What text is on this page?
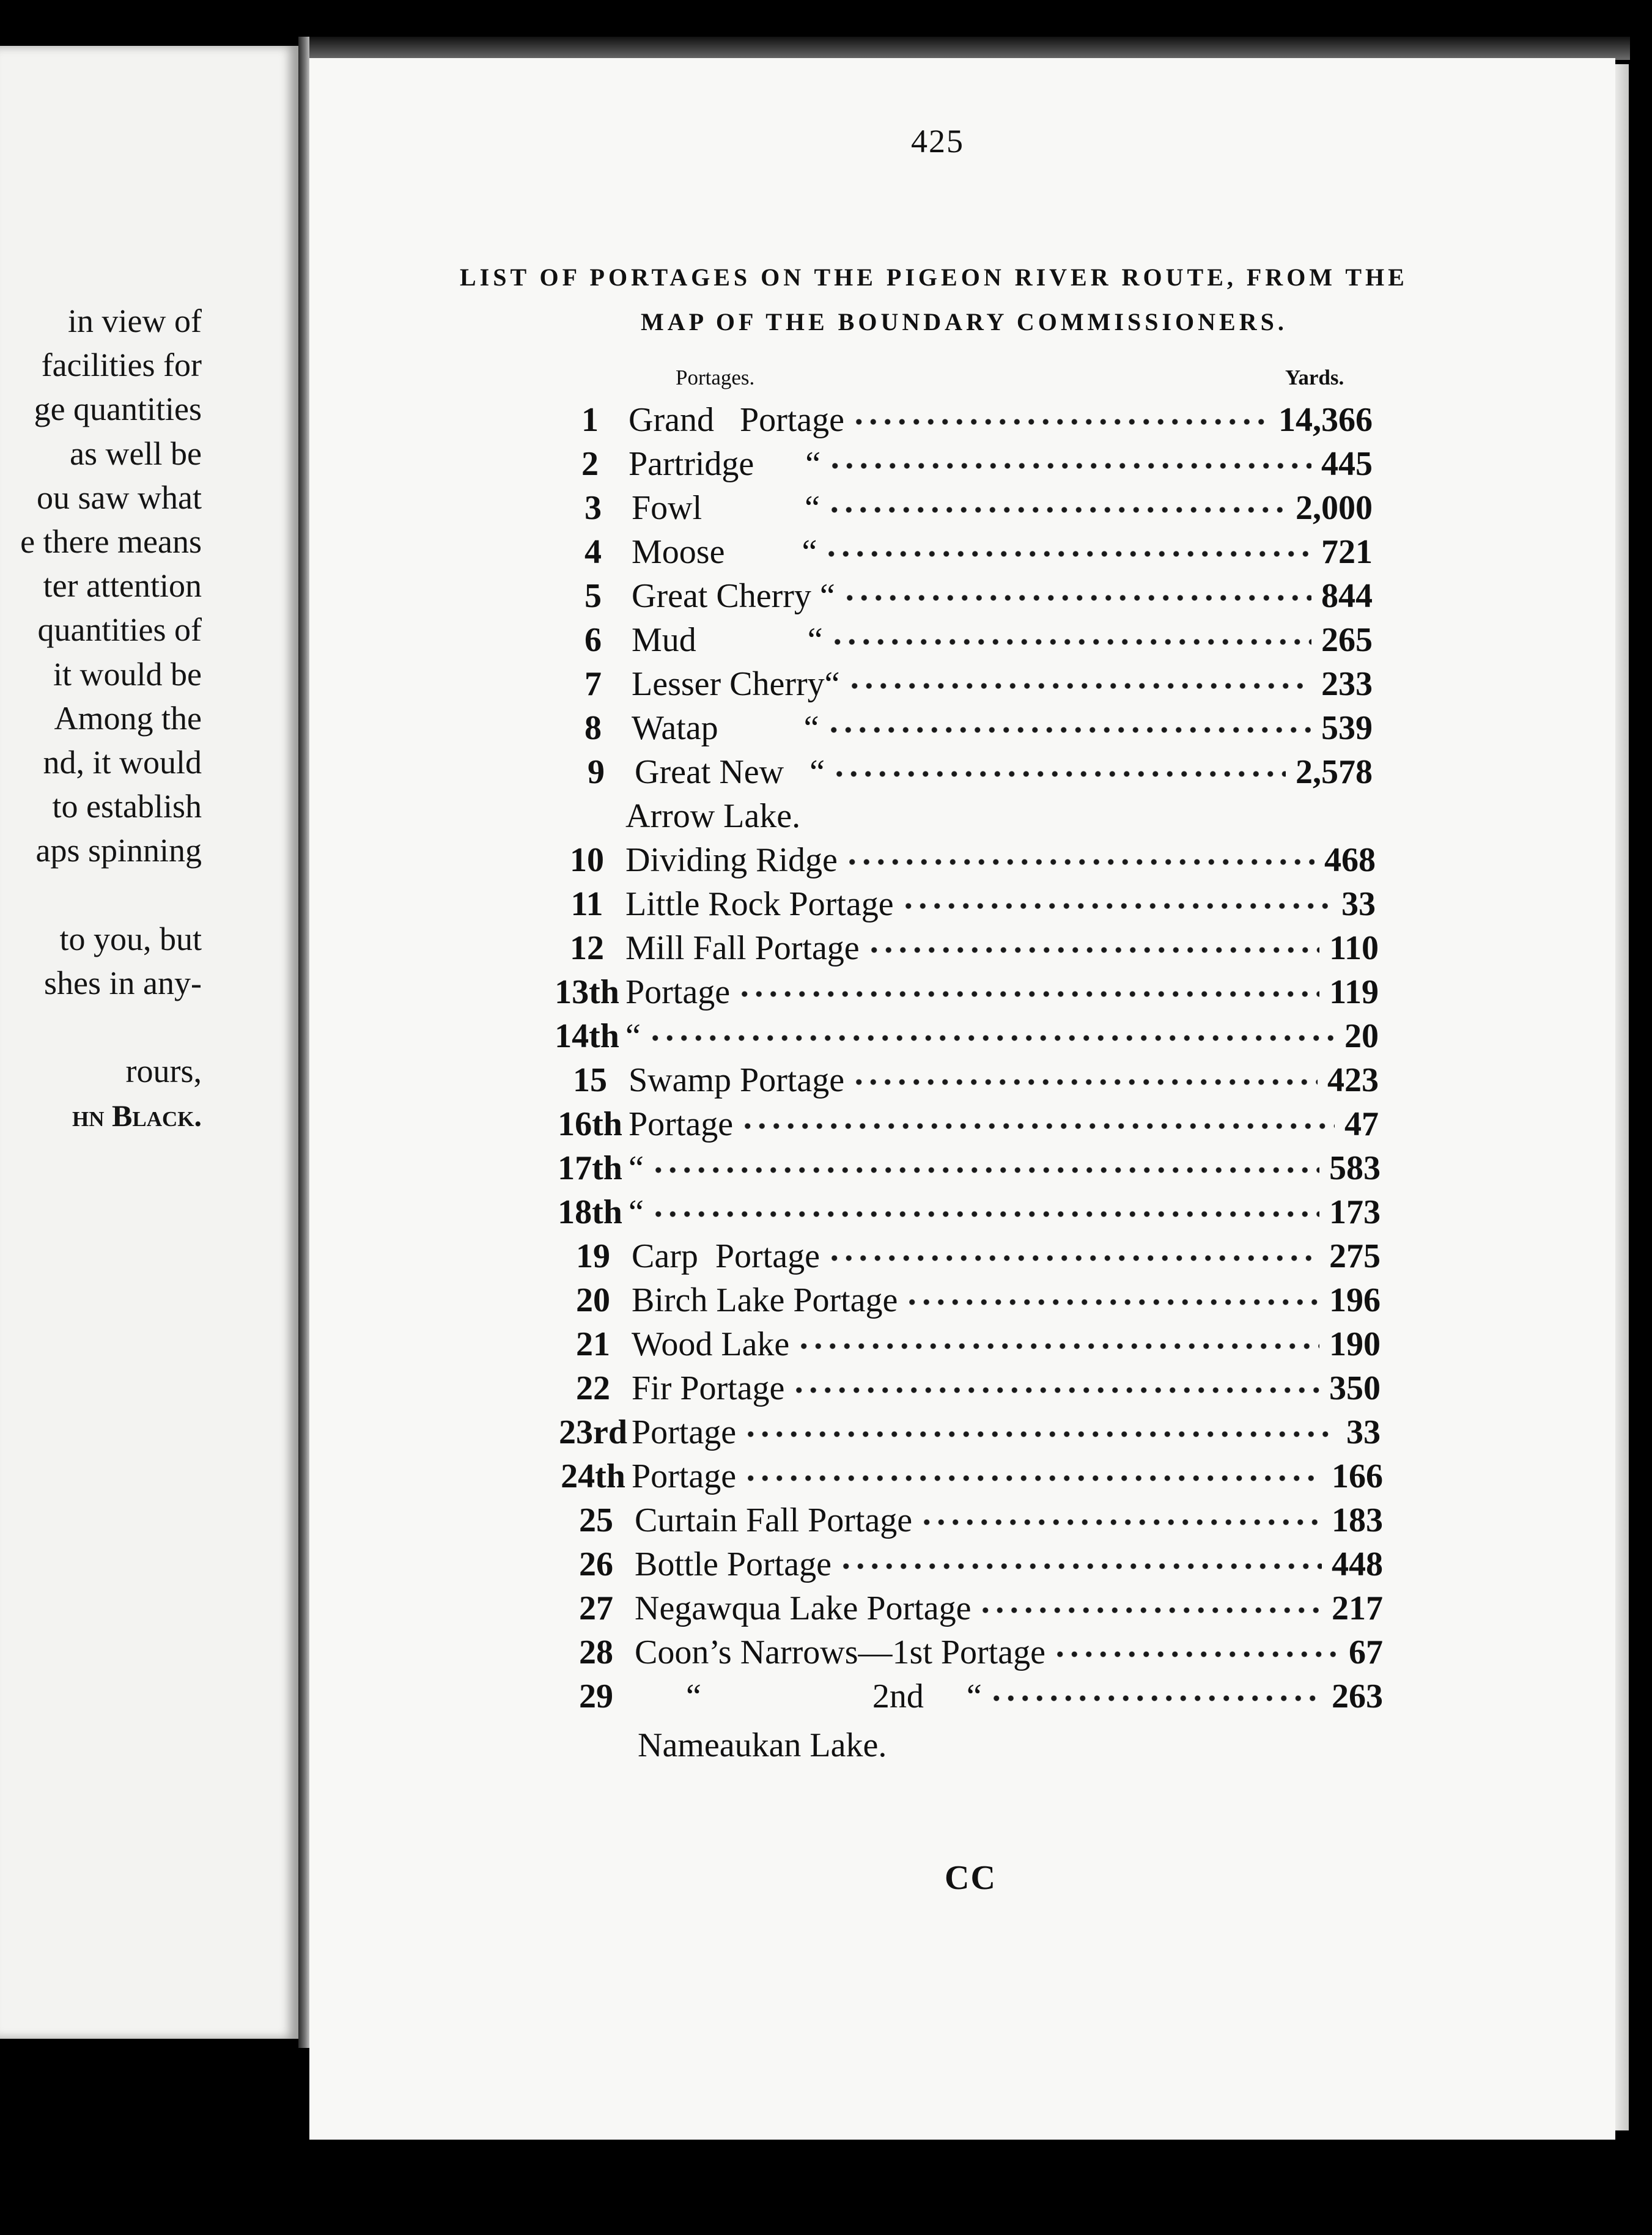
in view of
facilities for
ge quantities
as well be
ou saw what
e there means
ter attention
quantities of
it would be
Among the
nd, it would
to establish
aps spinning
to you, but
shes in any-
rours,
hn Black.
425
LIST OF PORTAGES ON THE PIGEON RIVER ROUTE, FROM THE
MAP OF THE BOUNDARY COMMISSIONERS.
Portages.	Yards.
1 Grand   Portage	14,366
2 Partridge      “	445
3 Fowl            “	2,000
4 Moose         “	721
5 Great Cherry “	844
6 Mud             “	265
7 Lesser Cherry“	233
8 Watap          “	539
9 Great New   “	2,578
Arrow Lake.
10 Dividing Ridge	468
11 Little Rock Portage	33
12 Mill Fall Portage	110
13th Portage	119
14th “	20
15 Swamp Portage	423
16th Portage	47
17th “	583
18th “	173
19 Carp  Portage	275
20 Birch Lake Portage	196
21 Wood Lake	190
22 Fir Portage	350
23rd Portage	33
24th Portage	166
25 Curtain Fall Portage	183
26 Bottle Portage	448
27 Negawqua Lake Portage	217
28 Coon’s Narrows—1st Portage	67
29 “                    2nd     “	263
Nameaukan Lake.
CC
